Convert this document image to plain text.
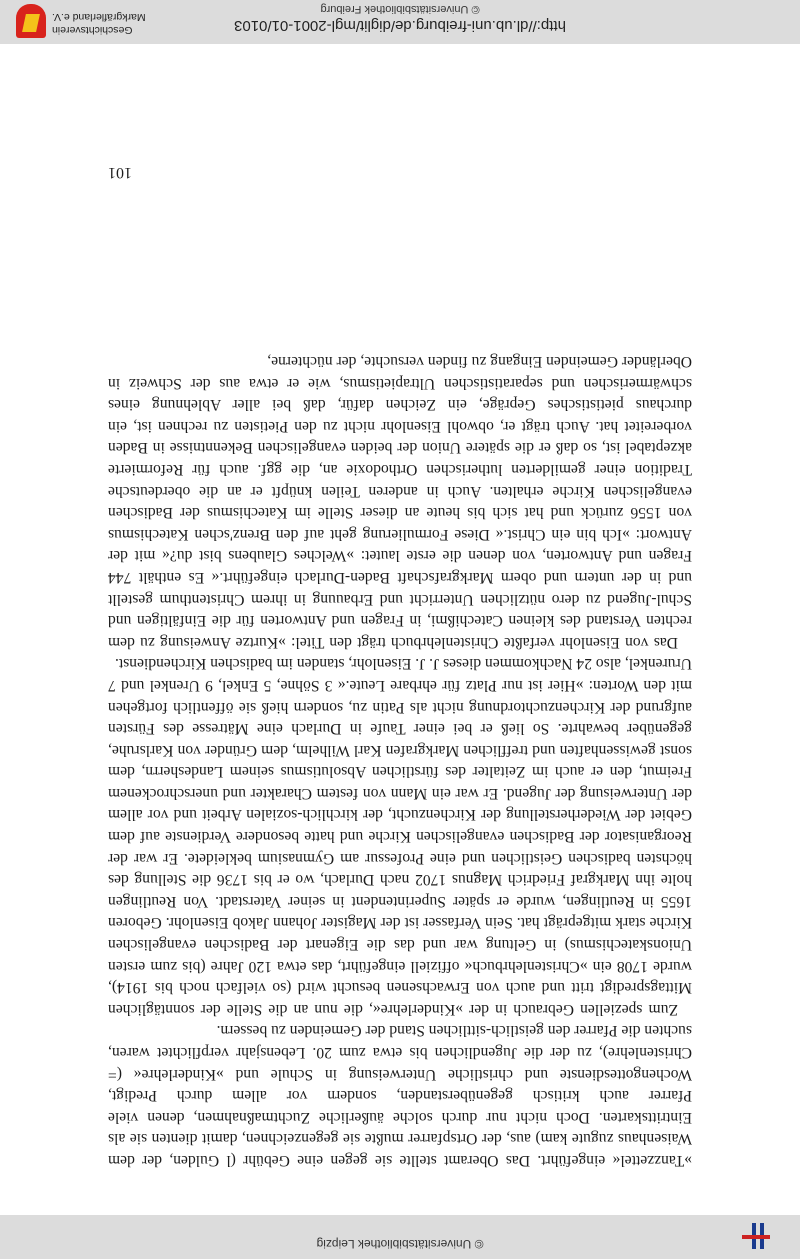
© Universitätsbibliothek Leipzig

»Tanzzettel« eingeführt. Das Oberamt stellte sie gegen eine Gebühr (l Gulden, der dem Waisenhaus zugute kam) aus, der Ortspfarrer mußte sie gegenzeichnen, damit dienten sie als Eintrittskarten. Doch nicht nur durch solche äußerliche Zuchtmaßnahmen, denen viele Pfarrer auch kritisch gegenüberstanden, sondern vor allem durch Predigt, Wochengottesdienste und christliche Unterweisung in Schule und »Kinderlehre« (= Christenlehre), zu der die Jugendlichen bis etwa zum 20. Lebensjahr verpflichtet waren, suchten die Pfarrer den geistlich-sittlichen Stand der Gemeinden zu bessern.

Zum speziellen Gebrauch in der »Kinderlehre«, die nun an die Stelle der sonntäglichen Mittagspredigt tritt und auch von Erwachsenen besucht wird (so vielfach noch bis 1914), wurde 1708 ein »Christenlehrbuch« offiziell eingeführt, das etwa 120 Jahre (bis zum ersten Unionskatechismus) in Geltung war und das die Eigenart der Badischen evangelischen Kirche stark mitgeprägt hat. Sein Verfasser ist der Magister Johann Jakob Eisenlohr. Geboren 1655 in Reutlingen, wurde er später Superintendent in seiner Vaterstadt. Von Reutlingen holte ihn Markgraf Friedrich Magnus 1702 nach Durlach, wo er bis 1736 die Stellung des höchsten badischen Geistlichen und eine Professur am Gymnasium bekleidete. Er war der Reorganisator der Badischen evangelischen Kirche und hatte besondere Verdienste auf dem Gebiet der Wiederherstellung der Kirchenzucht, der kirchlich-sozialen Arbeit und vor allem der Unterweisung der Jugend. Er war ein Mann von festem Charakter und unerschrockenem Freimut, den er auch im Zeitalter des fürstlichen Absolutismus seinem Landesherrn, dem sonst gewissenhaften und trefflichen Markgrafen Karl Wilhelm, dem Gründer von Karlsruhe, gegenüber bewahrte. So ließ er bei einer Taufe in Durlach eine Mätresse des Fürsten aufgrund der Kirchenzuchtordnung nicht als Patin zu, sondern hieß sie öffentlich fortgehen mit den Worten: »Hier ist nur Platz für ehrbare Leute.« 3 Söhne, 5 Enkel, 9 Urenkel und 7 Ururenkel, also 24 Nachkommen dieses J. J. Eisenlohr, standen im badischen Kirchendienst.

Das von Eisenlohr verfaßte Christenlehrbuch trägt den Titel: »Kurtze Anweisung zu dem rechten Verstand des kleinen Catechißmi, in Fragen und Antworten für die Einfältigen und Schul-Jugend zu dero nützlichen Unterricht und Erbauung in ihrem Christenthum gestellt und in der untern und obern Markgrafschaft Baden-Durlach eingeführt.« Es enthält 744 Fragen und Antworten, von denen die erste lautet: »Welches Glaubens bist du?« mit der Antwort: »Ich bin ein Christ.« Diese Formulierung geht auf den Brenz'schen Katechismus von 1556 zurück und hat sich bis heute an dieser Stelle im Katechismus der Badischen evangelischen Kirche erhalten. Auch in anderen Teilen knüpft er an die oberdeutsche Tradition einer gemilderten lutherischen Orthodoxie an, die ggf. auch für Reformierte akzeptabel ist, so daß er die spätere Union der beiden evangelischen Bekenntnisse in Baden vorbereitet hat. Auch trägt er, obwohl Eisenlohr nicht zu den Pietisten zu rechnen ist, ein durchaus pietistisches Gepräge, ein Zeichen dafür, daß bei aller Ablehnung eines schwärmerischen und separatistischen Ultrapietismus, wie er etwa aus der Schweiz in Oberländer Gemeinden Eingang zu finden versuchte, der nüchterne,

101
http://dl.ub.uni-freiburg.de/diglit/mgl-2001-01/0103
© Universitätsbibliothek Freiburg
Geschichtsverein
Markgräflerland e.V.
